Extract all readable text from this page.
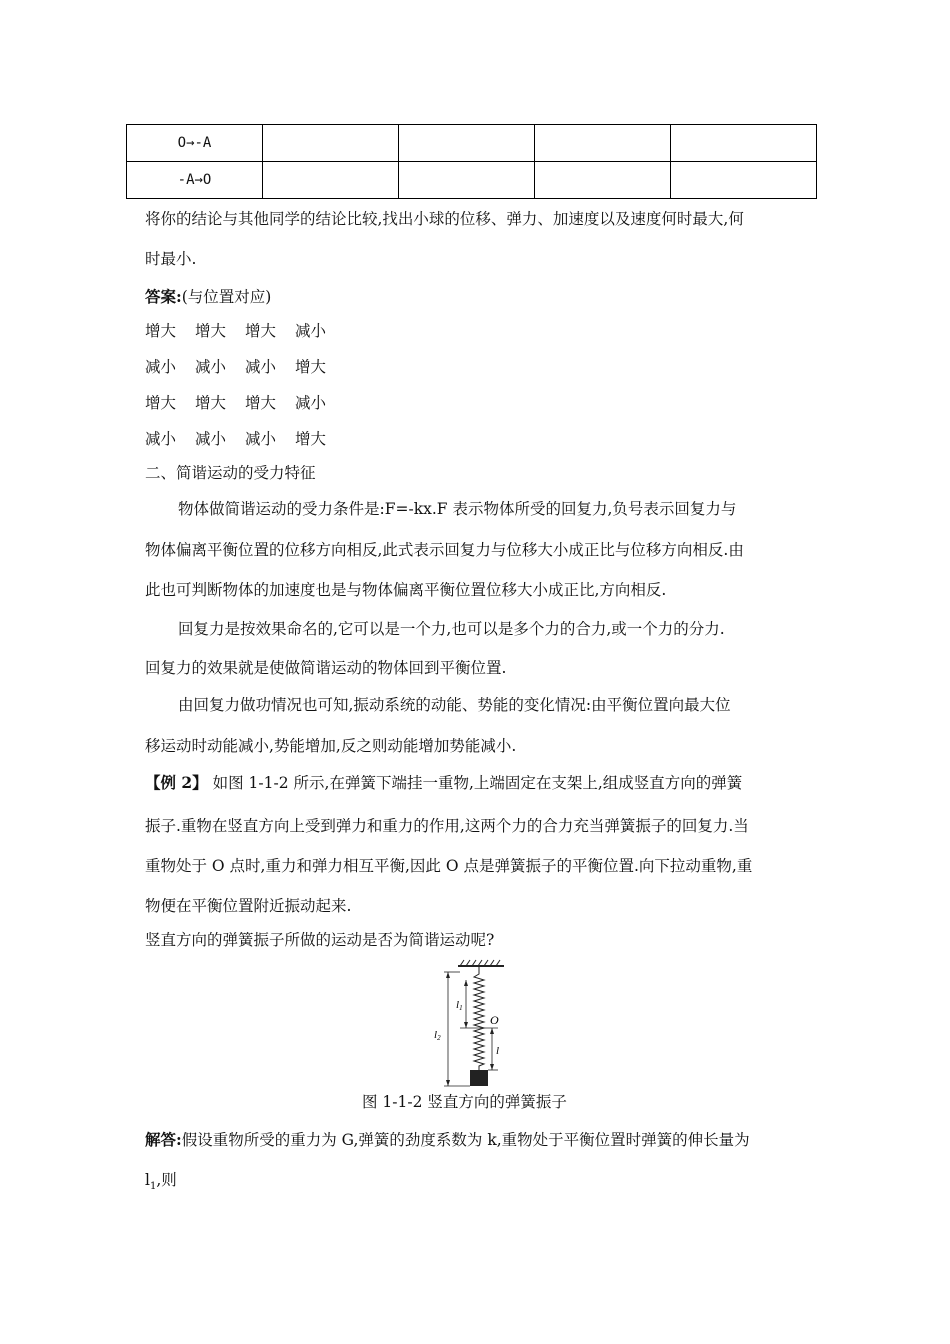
O→-A				
-A→O				
将你的结论与其他同学的结论比较,找出小球的位移、弹力、加速度以及速度何时最大,何
时最小.
答案:(与位置对应)
增大 增大 增大 减小
减小 减小 减小 增大
增大 增大 增大 减小
减小 减小 减小 增大
二、简谐运动的受力特征
物体做简谐运动的受力条件是:F=-kx.F 表示物体所受的回复力,负号表示回复力与
物体偏离平衡位置的位移方向相反,此式表示回复力与位移大小成正比与位移方向相反.由
此也可判断物体的加速度也是与物体偏离平衡位置位移大小成正比,方向相反.
回复力是按效果命名的,它可以是一个力,也可以是多个力的合力,或一个力的分力.
回复力的效果就是使做简谐运动的物体回到平衡位置.
由回复力做功情况也可知,振动系统的动能、势能的变化情况:由平衡位置向最大位
移运动时动能减小,势能增加,反之则动能增加势能减小.
【例 2】 如图 1-1-2 所示,在弹簧下端挂一重物,上端固定在支架上,组成竖直方向的弹簧
振子.重物在竖直方向上受到弹力和重力的作用,这两个力的合力充当弹簧振子的回复力.当
重物处于 O 点时,重力和弹力相互平衡,因此 O 点是弹簧振子的平衡位置.向下拉动重物,重
物便在平衡位置附近振动起来.
竖直方向的弹簧振子所做的运动是否为简谐运动呢?
l1
l2
O
l
图 1-1-2 竖直方向的弹簧振子
解答:假设重物所受的重力为 G,弹簧的劲度系数为 k,重物处于平衡位置时弹簧的伸长量为
$l_1$,则
